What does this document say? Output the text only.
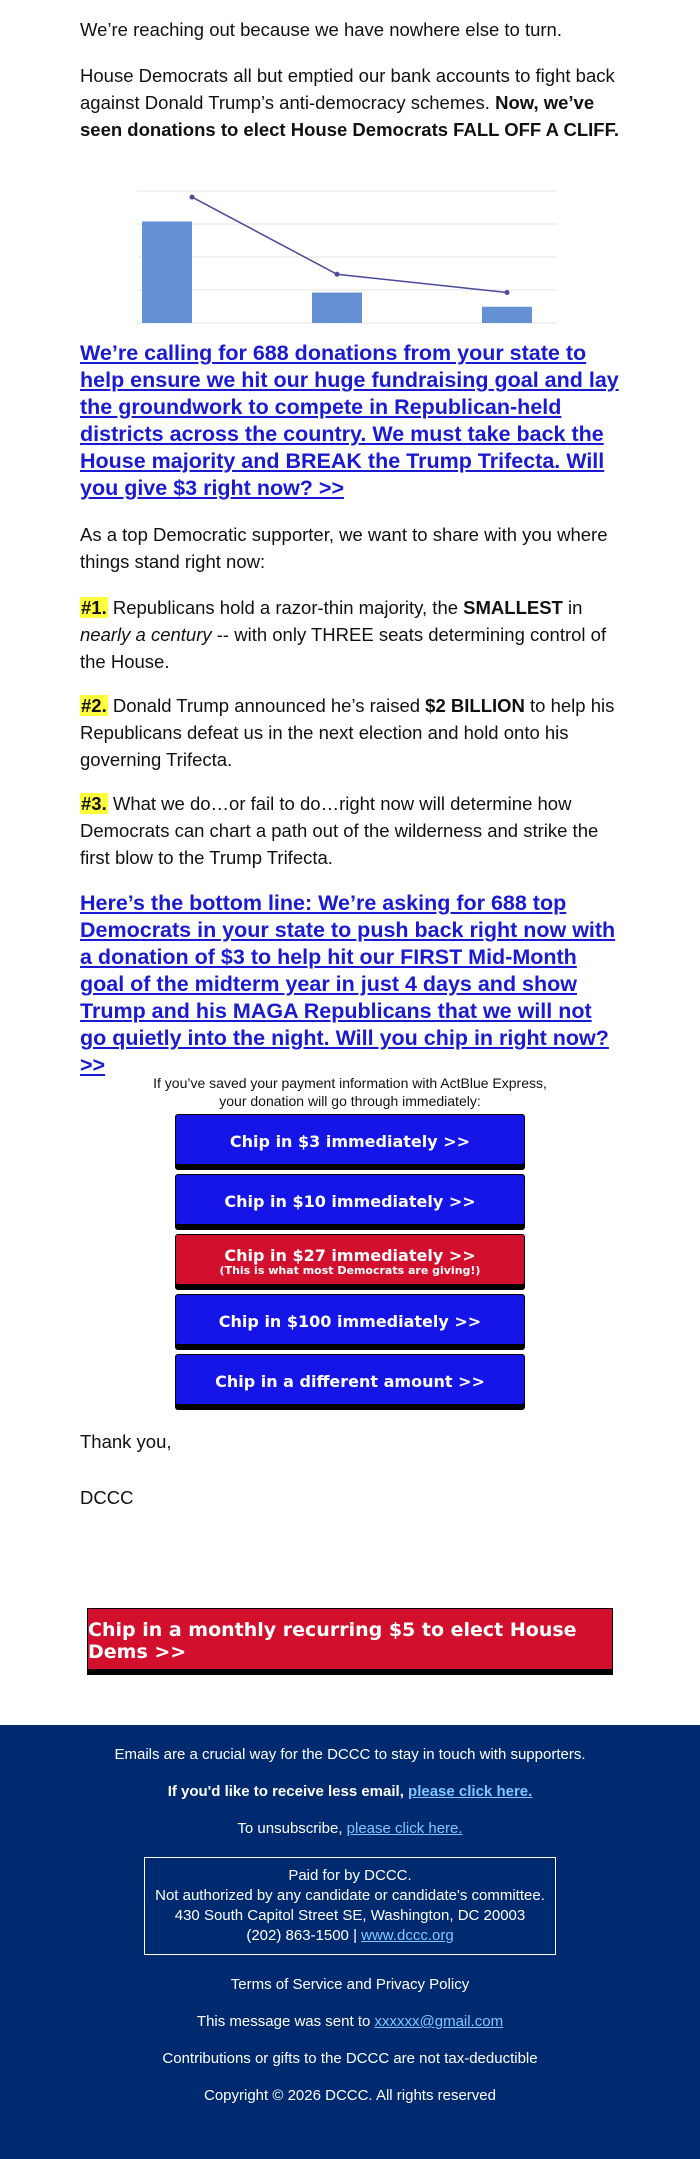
We’re reaching out because we have nowhere else to turn.

House Democrats all but emptied our bank accounts to fight back against Donald Trump’s anti-democracy schemes. Now, we’ve seen donations to elect House Democrats FALL OFF A CLIFF.

We’re calling for 688 donations from your state to help ensure we hit our huge fundraising goal and lay the groundwork to compete in Republican-held districts across the country. We must take back the House majority and BREAK the Trump Trifecta. Will you give $3 right now? >>

As a top Democratic supporter, we want to share with you where things stand right now:

#1. Republicans hold a razor-thin majority, the SMALLEST in nearly a century -- with only THREE seats determining control of the House.

#2. Donald Trump announced he’s raised $2 BILLION to help his Republicans defeat us in the next election and hold onto his governing Trifecta.

#3. What we do…or fail to do…right now will determine how Democrats can chart a path out of the wilderness and strike the first blow to the Trump Trifecta.

Here’s the bottom line: We’re asking for 688 top Democrats in your state to push back right now with a donation of $3 to help hit our FIRST Mid-Month goal of the midterm year in just 4 days and show Trump and his MAGA Republicans that we will not go quietly into the night. Will you chip in right now? >>

Thank you,

DCCC

If you’ve saved your payment information with ActBlue Express,
your donation will go through immediately:
Chip in $3 immediately >>
Chip in $10 immediately >>
Chip in $27 immediately >>
(This is what most Democrats are giving!)
Chip in $100 immediately >>
Chip in a different amount >>
Chip in a monthly recurring $5 to elect House Dems >>
Emails are a crucial way for the DCCC to stay in touch with supporters.
If you'd like to receive less email, please click here.
To unsubscribe, please click here.
Paid for by DCCC.
Not authorized by any candidate or candidate's committee.
430 South Capitol Street SE, Washington, DC 20003
(202) 863-1500 | www.dccc.org
Terms of Service and Privacy Policy
This message was sent to xxxxxx@gmail.com
Contributions or gifts to the DCCC are not tax-deductible
Copyright © 2026 DCCC. All rights reserved
